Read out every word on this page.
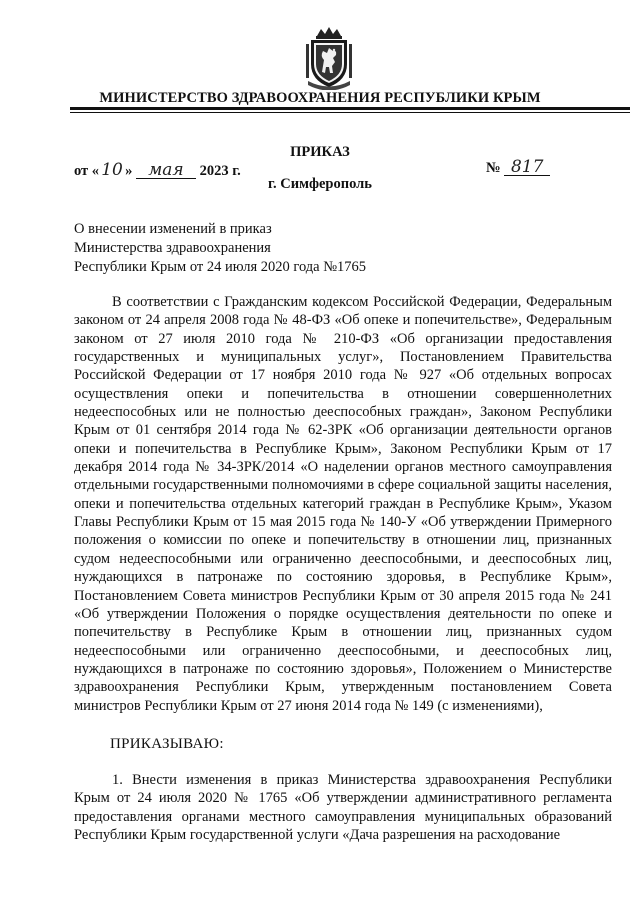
МИНИСТЕРСТВО ЗДРАВООХРАНЕНИЯ РЕСПУБЛИКИ КРЫМ
ПРИКАЗ
от « 10 » мая 2023 г.	№ 817
г. Симферополь
О внесении изменений в приказ
Министерства здравоохранения
Республики Крым от 24 июля 2020 года №1765

В соответствии с Гражданским кодексом Российской Федерации, Федеральным законом от 24 апреля 2008 года № 48-ФЗ «Об опеке и попечительстве», Федеральным законом от 27 июля 2010 года № 210-ФЗ «Об организации предоставления государственных и муниципальных услуг», Постановлением Правительства Российской Федерации от 17 ноября 2010 года № 927 «Об отдельных вопросах осуществления опеки и попечительства в отношении совершеннолетних недееспособных или не полностью дееспособных граждан», Законом Республики Крым от 01 сентября 2014 года № 62-ЗРК «Об организации деятельности органов опеки и попечительства в Республике Крым», Законом Республики Крым от 17 декабря 2014 года № 34-ЗРК/2014 «О наделении органов местного самоуправления отдельными государственными полномочиями в сфере социальной защиты населения, опеки и попечительства отдельных категорий граждан в Республике Крым», Указом Главы Республики Крым от 15 мая 2015 года № 140-У «Об утверждении Примерного положения о комиссии по опеке и попечительству в отношении лиц, признанных судом недееспособными или ограниченно дееспособными, и дееспособных лиц, нуждающихся в патронаже по состоянию здоровья, в Республике Крым», Постановлением Совета министров Республики Крым от 30 апреля 2015 года № 241 «Об утверждении Положения о порядке осуществления деятельности по опеке и попечительству в Республике Крым в отношении лиц, признанных судом недееспособными или ограниченно дееспособными, и дееспособных лиц, нуждающихся в патронаже по состоянию здоровья», Положением о Министерстве здравоохранения Республики Крым, утвержденным постановлением Совета министров Республики Крым от 27 июня 2014 года № 149 (с изменениями),

ПРИКАЗЫВАЮ:

1. Внести изменения в приказ Министерства здравоохранения Республики Крым от 24 июля 2020 № 1765 «Об утверждении административного регламента предоставления органами местного самоуправления муниципальных образований Республики Крым государственной услуги «Дача разрешения на расходование
